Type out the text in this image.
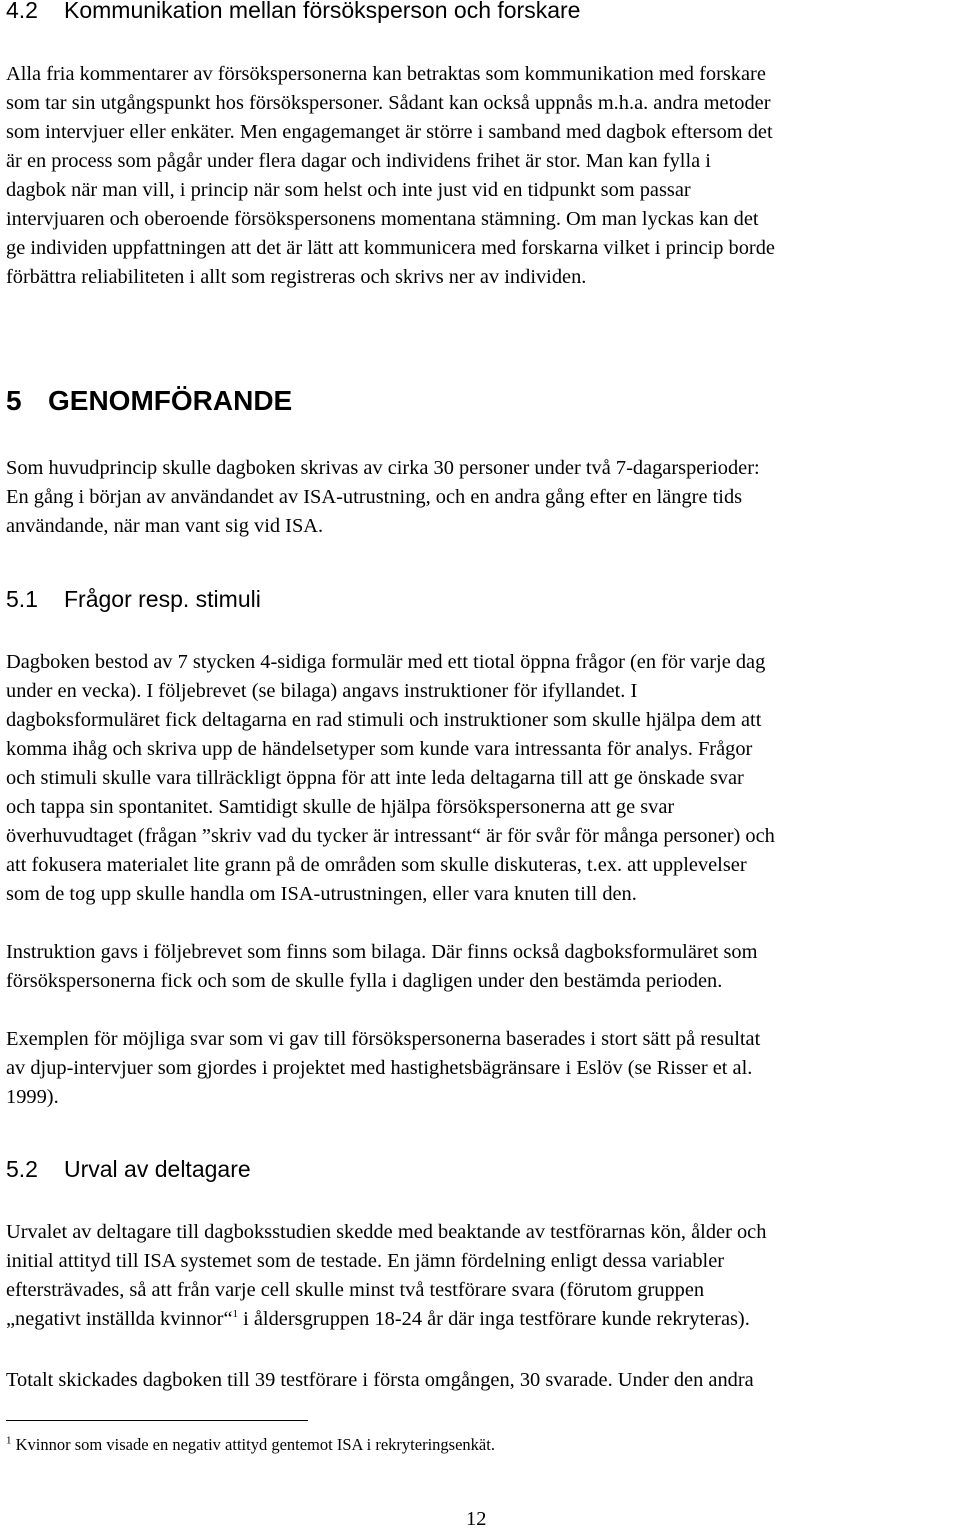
4.2 Kommunikation mellan försöksperson och forskare

Alla fria kommentarer av försökspersonerna kan betraktas som kommunikation med forskare
som tar sin utgångspunkt hos försökspersoner. Sådant kan också uppnås m.h.a. andra metoder
som intervjuer eller enkäter. Men engagemanget är större i samband med dagbok eftersom det
är en process som pågår under flera dagar och individens frihet är stor. Man kan fylla i
dagbok när man vill, i princip när som helst och inte just vid en tidpunkt som passar
intervjuaren och oberoende försökspersonens momentana stämning. Om man lyckas kan det
ge individen uppfattningen att det är lätt att kommunicera med forskarna vilket i princip borde
förbättra reliabiliteten i allt som registreras och skrivs ner av individen.

5 GENOMFÖRANDE

Som huvudprincip skulle dagboken skrivas av cirka 30 personer under två 7-dagarsperioder:
En gång i början av användandet av ISA-utrustning, och en andra gång efter en längre tids
användande, när man vant sig vid ISA.

5.1 Frågor resp. stimuli

Dagboken bestod av 7 stycken 4-sidiga formulär med ett tiotal öppna frågor (en för varje dag
under en vecka). I följebrevet (se bilaga) angavs instruktioner för ifyllandet. I
dagboksformuläret fick deltagarna en rad stimuli och instruktioner som skulle hjälpa dem att
komma ihåg och skriva upp de händelsetyper som kunde vara intressanta för analys. Frågor
och stimuli skulle vara tillräckligt öppna för att inte leda deltagarna till att ge önskade svar
och tappa sin spontanitet. Samtidigt skulle de hjälpa försökspersonerna att ge svar
överhuvudtaget (frågan ”skriv vad du tycker är intressant“ är för svår för många personer) och
att fokusera materialet lite grann på de områden som skulle diskuteras, t.ex. att upplevelser
som de tog upp skulle handla om ISA-utrustningen, eller vara knuten till den.

Instruktion gavs i följebrevet som finns som bilaga. Där finns också dagboksformuläret som
försökspersonerna fick och som de skulle fylla i dagligen under den bestämda perioden.

Exemplen för möjliga svar som vi gav till försökspersonerna baserades i stort sätt på resultat
av djup-intervjuer som gjordes i projektet med hastighetsbägränsare i Eslöv (se Risser et al.
1999).

5.2 Urval av deltagare

Urvalet av deltagare till dagboksstudien skedde med beaktande av testförarnas kön, ålder och
initial attityd till ISA systemet som de testade. En jämn fördelning enligt dessa variabler
eftersträvades, så att från varje cell skulle minst två testförare svara (förutom gruppen
„negativt inställda kvinnor“$^1$ i åldersgruppen 18-24 år där inga testförare kunde rekryteras).

Totalt skickades dagboken till 39 testförare i första omgången, 30 svarade. Under den andra

$^1$ Kvinnor som visade en negativ attityd gentemot ISA i rekryteringsenkät.

12
